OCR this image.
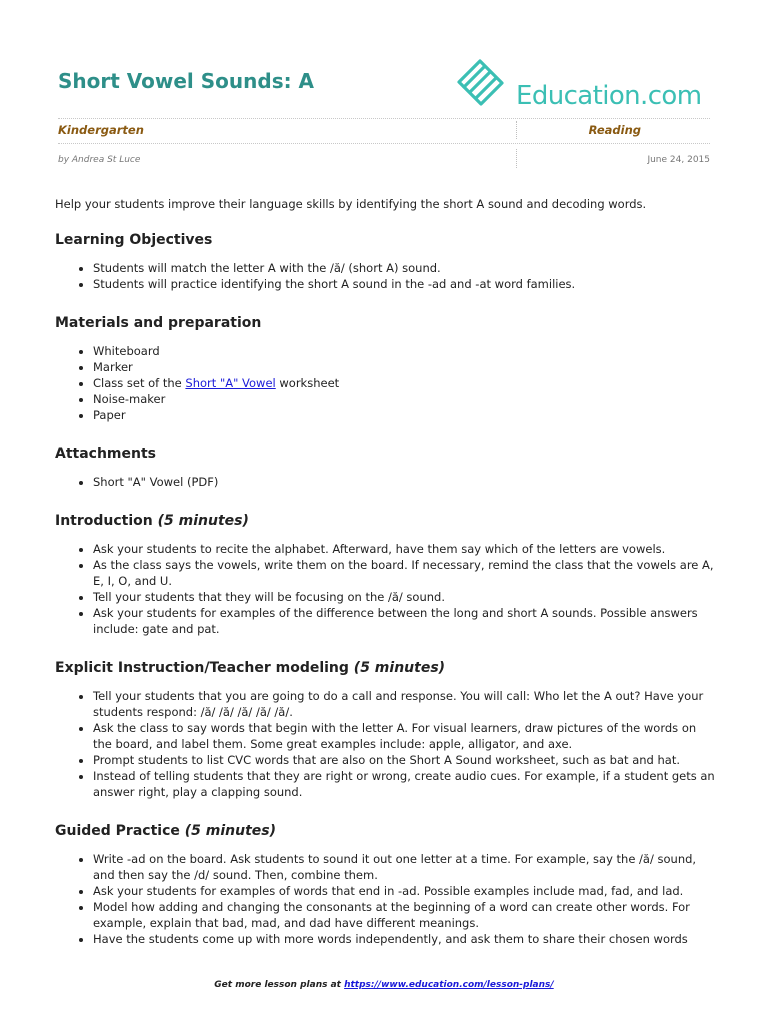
Short Vowel Sounds: A	Education.com
Kindergarten	Reading
by Andrea St Luce	June 24, 2015

Help your students improve their language skills by identifying the short A sound and decoding words.

Learning Objectives
• Students will match the letter A with the /ă/ (short A) sound.
• Students will practice identifying the short A sound in the -ad and -at word families.
Materials and preparation
• Whiteboard
• Marker
• Class set of the Short "A" Vowel worksheet
• Noise-maker
• Paper
Attachments
• Short "A" Vowel (PDF)
Introduction (5 minutes)
• Ask your students to recite the alphabet. Afterward, have them say which of the letters are vowels.
• As the class says the vowels, write them on the board. If necessary, remind the class that the vowels are A, E, I, O, and U.
• Tell your students that they will be focusing on the /ă/ sound.
• Ask your students for examples of the difference between the long and short A sounds. Possible answers include: gate and pat.
Explicit Instruction/Teacher modeling (5 minutes)
• Tell your students that you are going to do a call and response. You will call: Who let the A out? Have your students respond: /ă/ /ă/ /ă/ /ă/ /ă/.
• Ask the class to say words that begin with the letter A. For visual learners, draw pictures of the words on the board, and label them. Some great examples include: apple, alligator, and axe.
• Prompt students to list CVC words that are also on the Short A Sound worksheet, such as bat and hat.
• Instead of telling students that they are right or wrong, create audio cues. For example, if a student gets an answer right, play a clapping sound.
Guided Practice (5 minutes)
• Write -ad on the board. Ask students to sound it out one letter at a time. For example, say the /ă/ sound, and then say the /d/ sound. Then, combine them.
• Ask your students for examples of words that end in -ad. Possible examples include mad, fad, and lad.
• Model how adding and changing the consonants at the beginning of a word can create other words. For example, explain that bad, mad, and dad have different meanings.
• Have the students come up with more words independently, and ask them to share their chosen words
Get more lesson plans at https://www.education.com/lesson-plans/
